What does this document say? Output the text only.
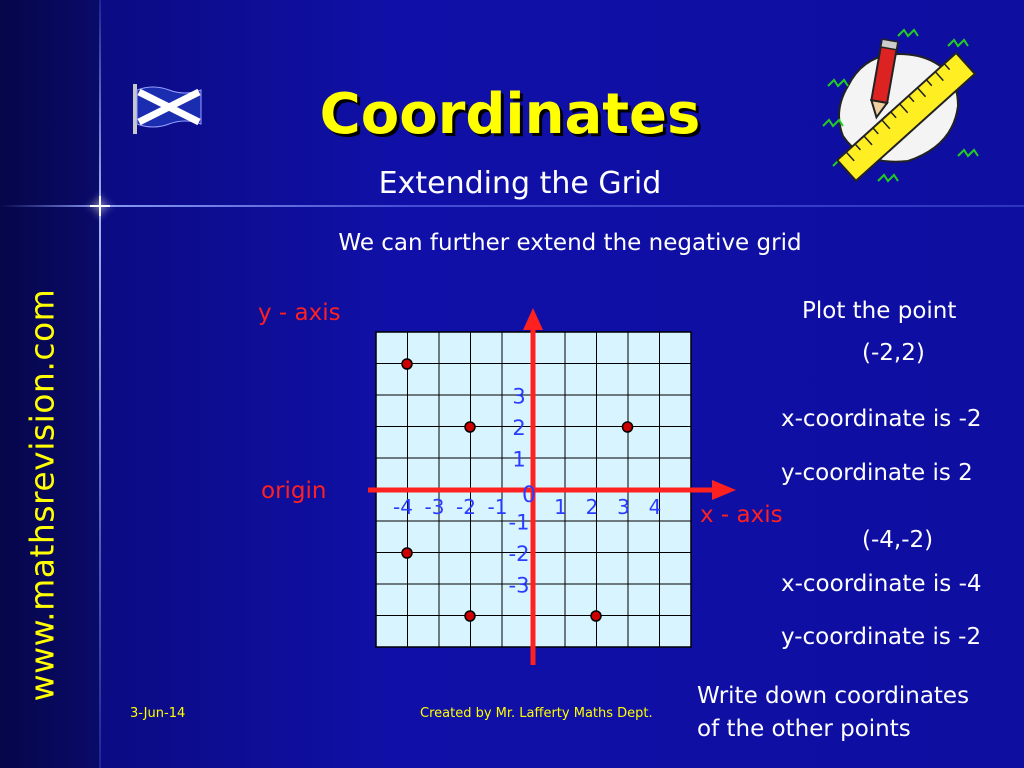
www.mathsrevision.com
Coordinates
Extending the Grid
We can further extend the negative grid
0
-4 -3 -2 -1 1 2 3 4
3
2
1
-1
-2
-3
y - axis
origin
x - axis
Plot the point
(-2,2)
x-coordinate is -2
y-coordinate is 2
(-4,-2)
x-coordinate is -4
y-coordinate is -2
Write down coordinates
of the other points
3-Jun-14	Created by Mr. Lafferty Maths Dept.
